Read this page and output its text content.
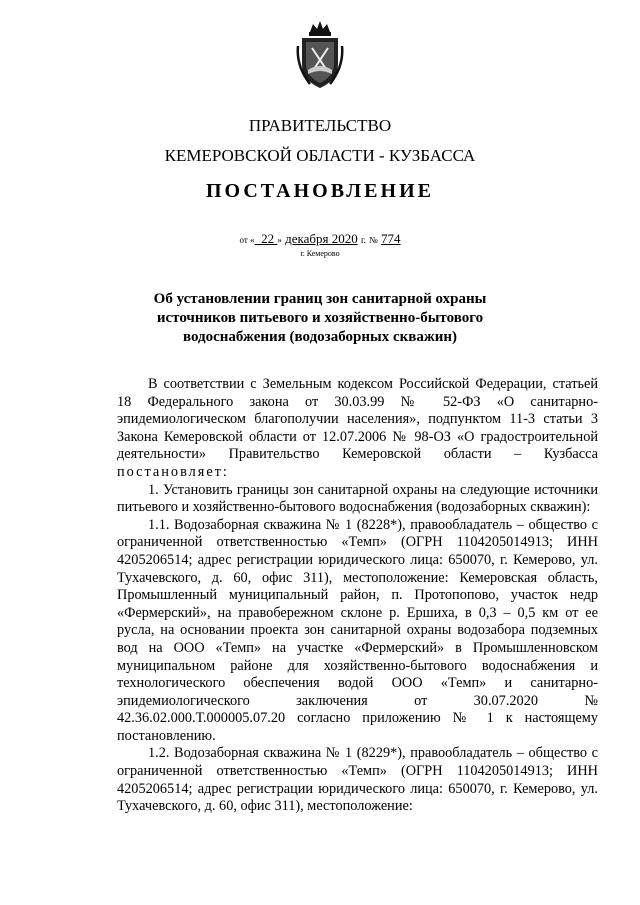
ПРАВИТЕЛЬСТВО
КЕМЕРОВСКОЙ ОБЛАСТИ - КУЗБАССА
ПОСТАНОВЛЕНИЕ
от « 22 » декабря 2020 г. № 774
г. Кемерово
Об установлении границ зон санитарной охраны источников питьевого и хозяйственно-бытового водоснабжения (водозаборных скважин)

В соответствии с Земельным кодексом Российской Федерации, статьей 18 Федерального закона от 30.03.99 № 52-ФЗ «О санитарно-эпидемиологическом благополучии населения», подпунктом 11-3 статьи 3 Закона Кемеровской области от 12.07.2006 № 98-ОЗ «О градостроительной деятельности» Правительство Кемеровской области – Кузбасса постановляет:

1. Установить границы зон санитарной охраны на следующие источники питьевого и хозяйственно-бытового водоснабжения (водозаборных скважин):

1.1. Водозаборная скважина № 1 (8228*), правообладатель – общество с ограниченной ответственностью «Темп» (ОГРН 1104205014913; ИНН 4205206514; адрес регистрации юридического лица: 650070, г. Кемерово, ул. Тухачевского, д. 60, офис 311), местоположение: Кемеровская область, Промышленный муниципальный район, п. Протопопово, участок недр «Фермерский», на правобережном склоне р. Ершиха, в 0,3 – 0,5 км от ее русла, на основании проекта зон санитарной охраны водозабора подземных вод на ООО «Темп» на участке «Фермерский» в Промышленновском муниципальном районе для хозяйственно-бытового водоснабжения и технологического обеспечения водой ООО «Темп» и санитарно-эпидемиологического заключения от 30.07.2020 № 42.36.02.000.Т.000005.07.20 согласно приложению № 1 к настоящему постановлению.

1.2. Водозаборная скважина № 1 (8229*), правообладатель – общество с ограниченной ответственностью «Темп» (ОГРН 1104205014913; ИНН 4205206514; адрес регистрации юридического лица: 650070, г. Кемерово, ул. Тухачевского, д. 60, офис 311), местоположение:
